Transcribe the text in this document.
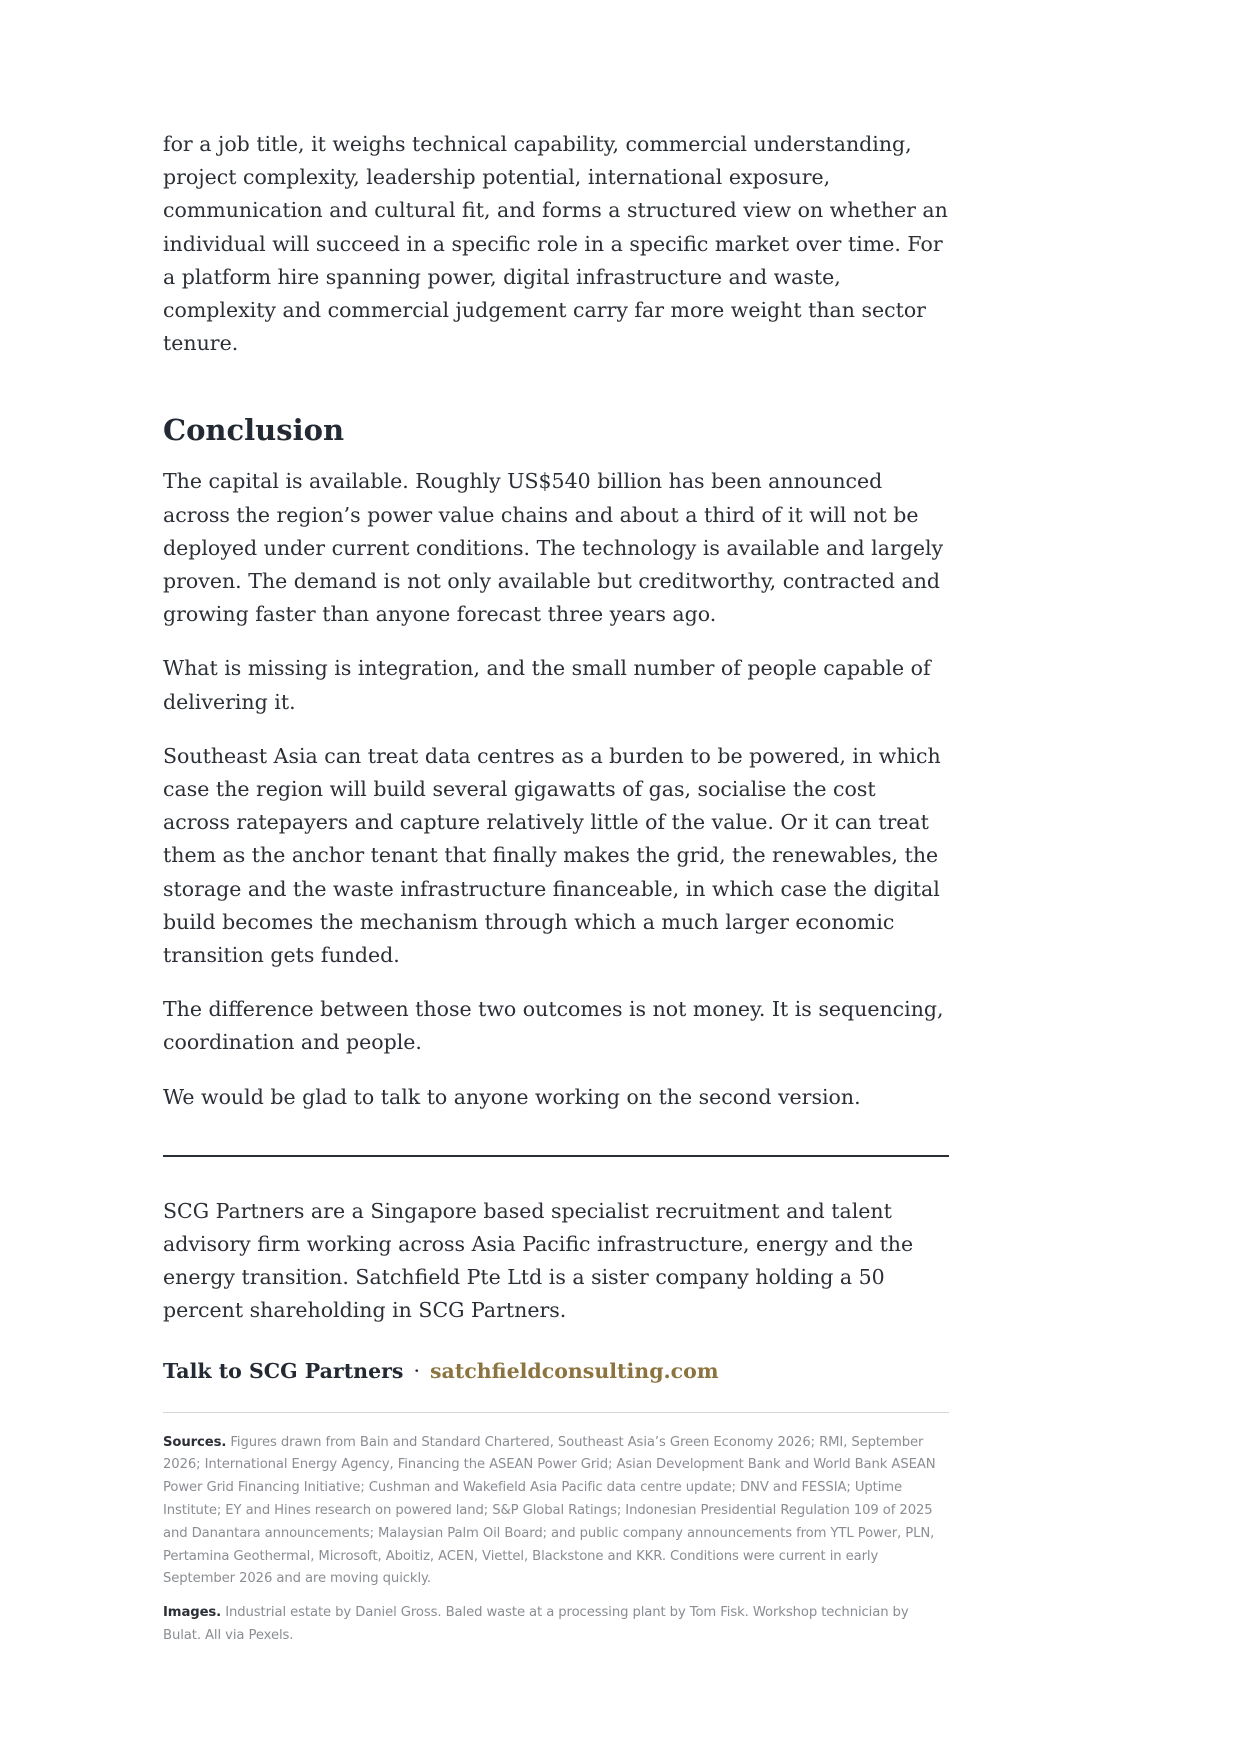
for a job title, it weighs technical capability, commercial understanding, project complexity, leadership potential, international exposure, communication and cultural fit, and forms a structured view on whether an individual will succeed in a specific role in a specific market over time. For a platform hire spanning power, digital infrastructure and waste, complexity and commercial judgement carry far more weight than sector tenure.

Conclusion

The capital is available. Roughly US$540 billion has been announced across the region’s power value chains and about a third of it will not be deployed under current conditions. The technology is available and largely proven. The demand is not only available but creditworthy, contracted and growing faster than anyone forecast three years ago.

What is missing is integration, and the small number of people capable of delivering it.

Southeast Asia can treat data centres as a burden to be powered, in which case the region will build several gigawatts of gas, socialise the cost across ratepayers and capture relatively little of the value. Or it can treat them as the anchor tenant that finally makes the grid, the renewables, the storage and the waste infrastructure financeable, in which case the digital build becomes the mechanism through which a much larger economic transition gets funded.

The difference between those two outcomes is not money. It is sequencing, coordination and people.

We would be glad to talk to anyone working on the second version.

SCG Partners are a Singapore based specialist recruitment and talent advisory firm working across Asia Pacific infrastructure, energy and the energy transition. Satchfield Pte Ltd is a sister company holding a 50 percent shareholding in SCG Partners.

Talk to SCG Partners · satchfieldconsulting.com

Sources. Figures drawn from Bain and Standard Chartered, Southeast Asia’s Green Economy 2026; RMI, September 2026; International Energy Agency, Financing the ASEAN Power Grid; Asian Development Bank and World Bank ASEAN Power Grid Financing Initiative; Cushman and Wakefield Asia Pacific data centre update; DNV and FESSIA; Uptime Institute; EY and Hines research on powered land; S&P Global Ratings; Indonesian Presidential Regulation 109 of 2025 and Danantara announcements; Malaysian Palm Oil Board; and public company announcements from YTL Power, PLN, Pertamina Geothermal, Microsoft, Aboitiz, ACEN, Viettel, Blackstone and KKR. Conditions were current in early September 2026 and are moving quickly.

Images. Industrial estate by Daniel Gross. Baled waste at a processing plant by Tom Fisk. Workshop technician by Bulat. All via Pexels.
